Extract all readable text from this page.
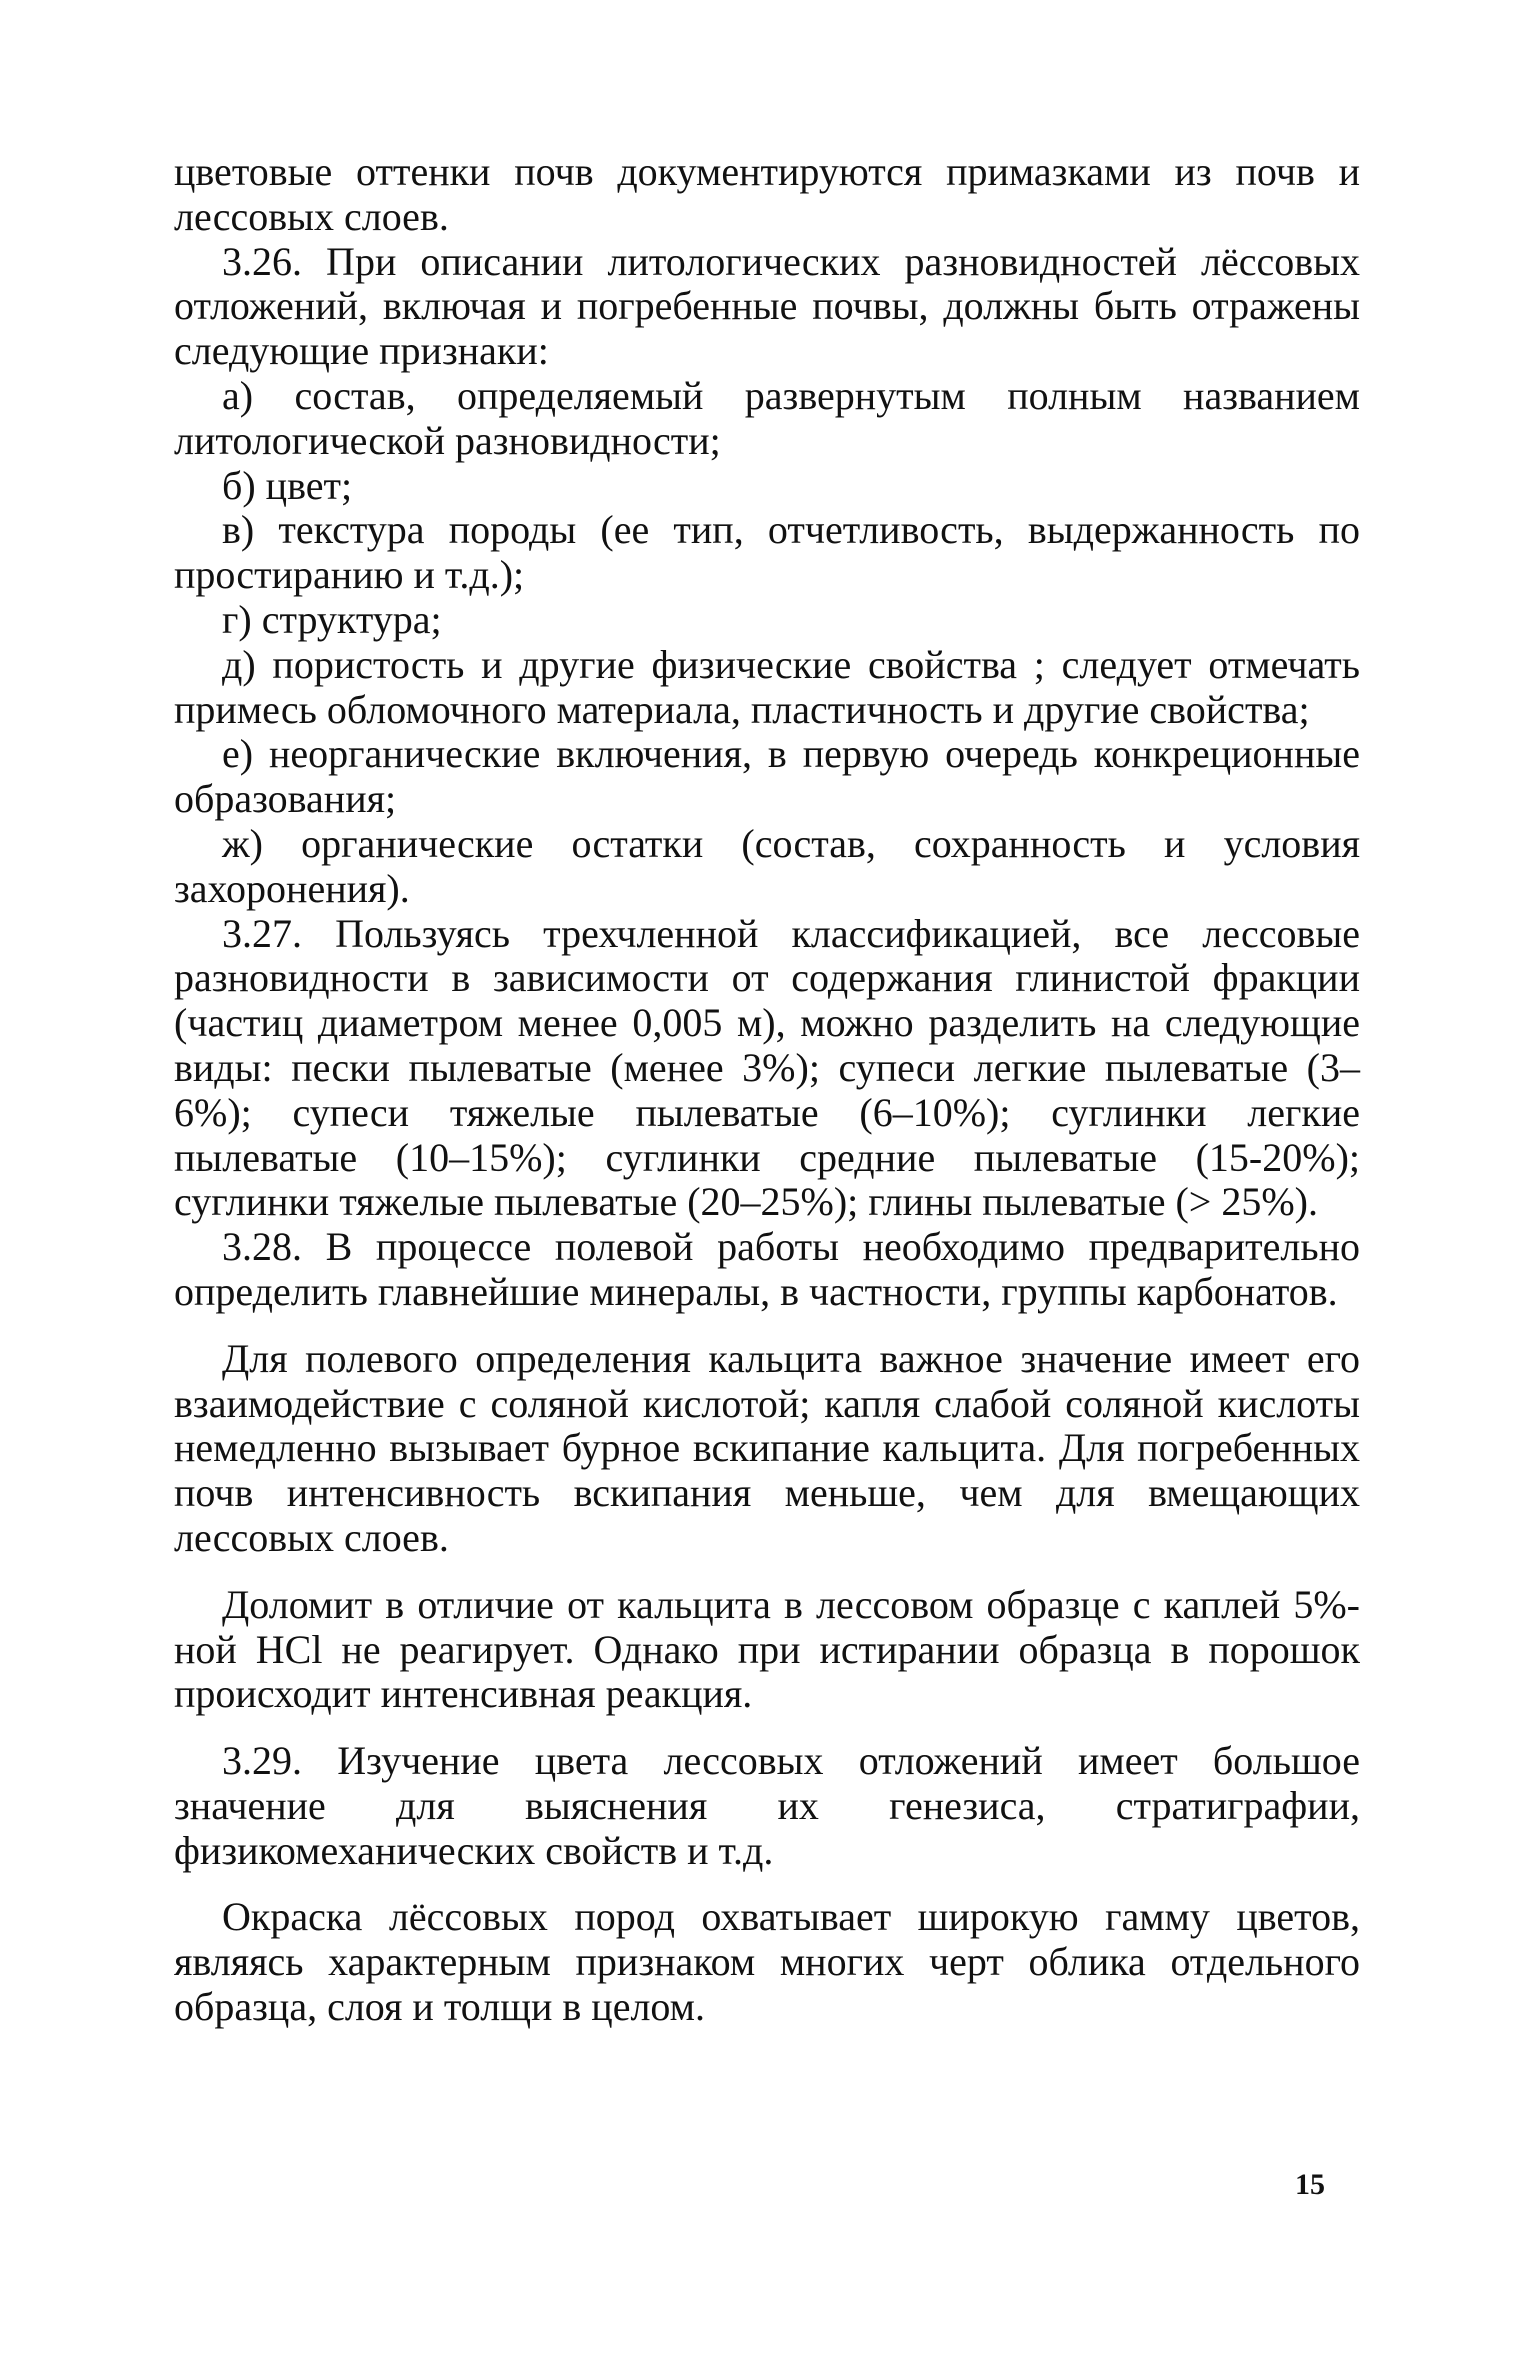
цветовые оттенки почв документируются примазками из почв и лессовых слоев.

3.26. При описании литологических разновидностей лёссовых отложений, включая и погребенные почвы, должны быть отражены следующие признаки:

а) состав, определяемый развернутым полным названием литологической разновидности;

б) цвет;

в) текстура породы (ее тип, отчетливость, выдержанность по простиранию и т.д.);

г) структура;

д) пористость и другие физические свойства ; следует отмечать примесь обломочного материала, пластичность и другие свойства;

е) неорганические включения, в первую очередь конкреционные образования;

ж) органические остатки (состав, сохранность и условия захоронения).

3.27. Пользуясь трехчленной классификацией, все лессовые разновидности в зависимости от содержания глинистой фракции (частиц диаметром менее 0,005 м), можно разделить на следующие виды: пески пылеватые (менее 3%); супеси легкие пылеватые (3–6%); супеси тяжелые пылеватые (6–10%); суглинки легкие пылеватые (10–15%); суглинки средние пылеватые (15-20%); суглинки тяжелые пылеватые (20–25%); глины пылеватые (> 25%).

3.28. В процессе полевой работы необходимо предварительно определить главнейшие минералы, в частности, группы карбонатов.

Для полевого определения кальцита важное значение имеет его взаимодействие с соляной кислотой; капля слабой соляной кислоты немедленно вызывает бурное вскипание кальцита. Для погребенных почв интенсивность вскипания меньше, чем для вмещающих лессовых слоев.

Доломит в отличие от кальцита в лессовом образце с каплей 5%-ной HCl не реагирует. Однако при истирании образца в порошок происходит интенсивная реакция.

3.29. Изучение цвета лессовых отложений имеет большое значение для выяснения их генезиса, стратиграфии, физикомеханических свойств и т.д.

Окраска лёссовых пород охватывает широкую гамму цветов, являясь характерным признаком многих черт облика отдельного образца, слоя и толщи в целом.

15
